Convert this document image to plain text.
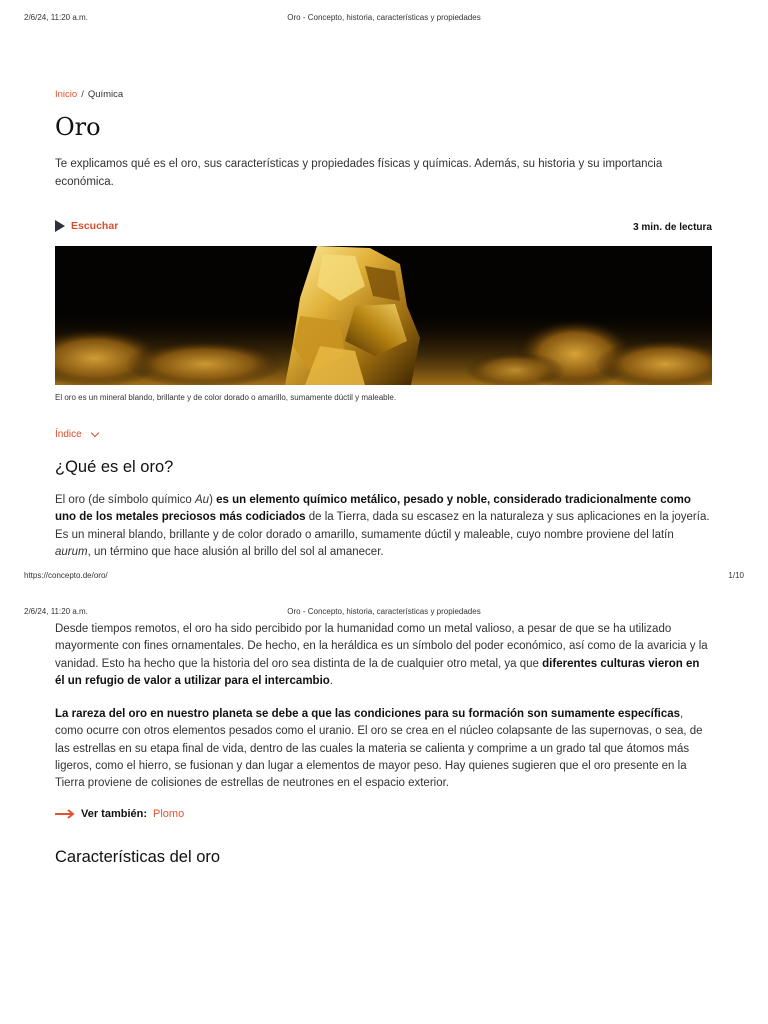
2/6/24, 11:20 a.m.	Oro - Concepto, historia, características y propiedades
Inicio / Química
Oro

Te explicamos qué es el oro, sus características y propiedades físicas y químicas. Además, su historia y su importancia económica.

Escuchar	3 min. de lectura
El oro es un mineral blando, brillante y de color dorado o amarillo, sumamente dúctil y maleable.
Índice
¿Qué es el oro?

El oro (de símbolo químico Au) es un elemento químico metálico, pesado y noble, considerado tradicionalmente como uno de los metales preciosos más codiciados de la Tierra, dada su escasez en la naturaleza y sus aplicaciones en la joyería. Es un mineral blando, brillante y de color dorado o amarillo, sumamente dúctil y maleable, cuyo nombre proviene del latín aurum, un término que hace alusión al brillo del sol al amanecer.

https://concepto.de/oro/	1/10
2/6/24, 11:20 a.m.	Oro - Concepto, historia, características y propiedades

Desde tiempos remotos, el oro ha sido percibido por la humanidad como un metal valioso, a pesar de que se ha utilizado mayormente con fines ornamentales. De hecho, en la heráldica es un símbolo del poder económico, así como de la avaricia y la vanidad. Esto ha hecho que la historia del oro sea distinta de la de cualquier otro metal, ya que diferentes culturas vieron en él un refugio de valor a utilizar para el intercambio.

La rareza del oro en nuestro planeta se debe a que las condiciones para su formación son sumamente específicas, como ocurre con otros elementos pesados como el uranio. El oro se crea en el núcleo colapsante de las supernovas, o sea, de las estrellas en su etapa final de vida, dentro de las cuales la materia se calienta y comprime a un grado tal que átomos más ligeros, como el hierro, se fusionan y dan lugar a elementos de mayor peso. Hay quienes sugieren que el oro presente en la Tierra proviene de colisiones de estrellas de neutrones en el espacio exterior.

Ver también: Plomo
Características del oro
